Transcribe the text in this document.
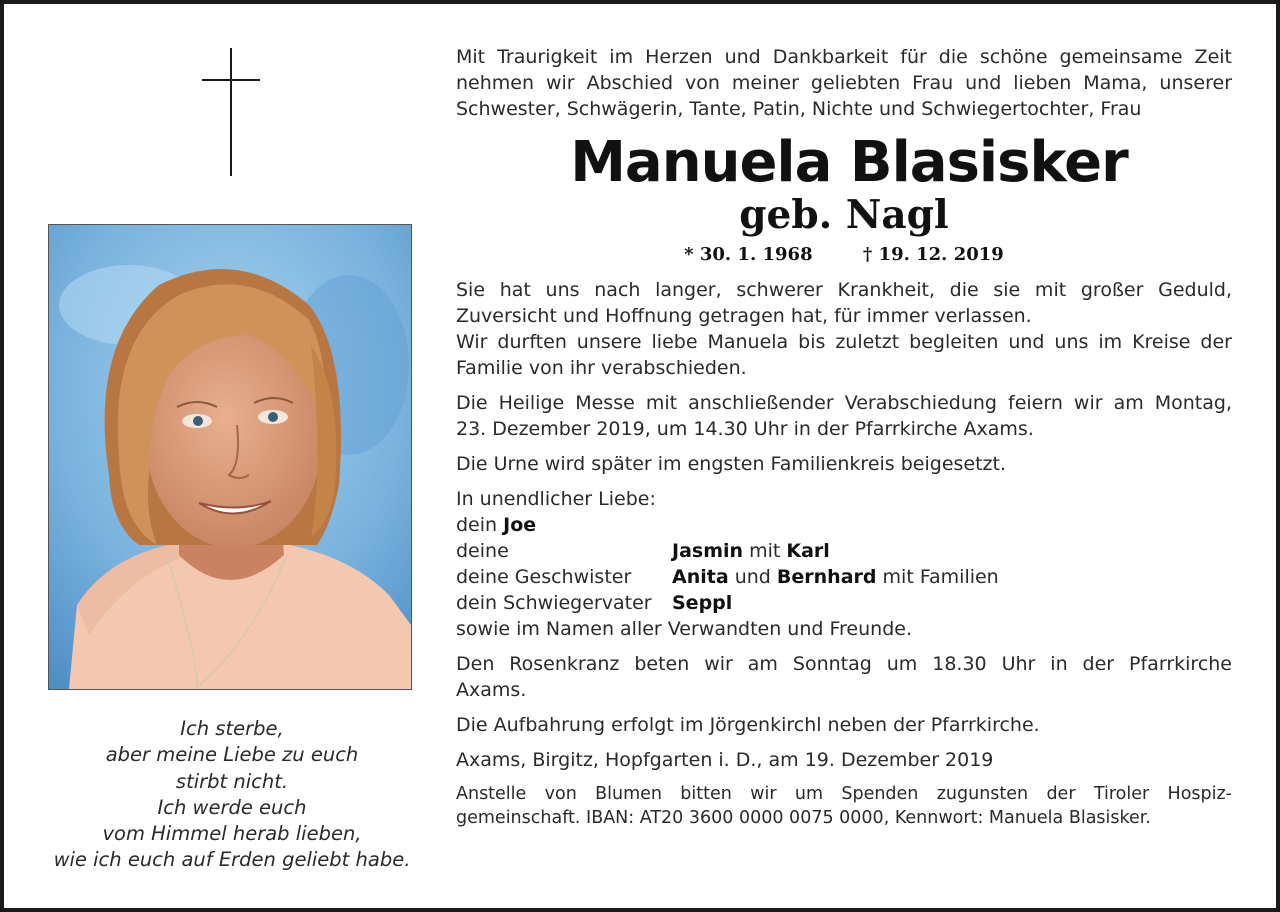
Ich sterbe,
aber meine Liebe zu euch
stirbt nicht.
Ich werde euch
vom Himmel herab lieben,
wie ich euch auf Erden geliebt habe.
Mit Traurigkeit im Herzen und Dankbarkeit für die schöne gemeinsame Zeit
nehmen wir Abschied von meiner geliebten Frau und lieben Mama, unserer
Schwester, Schwägerin, Tante, Patin, Nichte und Schwiegertochter, Frau
Manuela Blasisker
geb. Nagl
* 30. 1. 1968	† 19. 12. 2019
Sie hat uns nach langer, schwerer Krankheit, die sie mit großer Geduld,
Zuversicht und Hoffnung getragen hat, für immer verlassen.
Wir durften unsere liebe Manuela bis zuletzt begleiten und uns im Kreise der
Familie von ihr verabschieden.
Die Heilige Messe mit anschließender Verabschiedung feiern wir am Montag,
23. Dezember 2019, um 14.30 Uhr in der Pfarrkirche Axams.
Die Urne wird später im engsten Familienkreis beigesetzt.
In unendlicher Liebe:
dein
Joe
deine	Jasmin mit Karl
deine Geschwister	Anita und Bernhard mit Familien
dein Schwiegervater	Seppl
sowie im Namen aller Verwandten und Freunde.
Den Rosenkranz beten wir am Sonntag um 18.30 Uhr in der Pfarrkirche
Axams.
Die Aufbahrung erfolgt im Jörgenkirchl neben der Pfarrkirche.
Axams, Birgitz, Hopfgarten i. D., am 19. Dezember 2019
Anstelle von Blumen bitten wir um Spenden zugunsten der Tiroler Hospiz-
gemeinschaft. IBAN: AT20 3600 0000 0075 0000, Kennwort: Manuela Blasisker.
